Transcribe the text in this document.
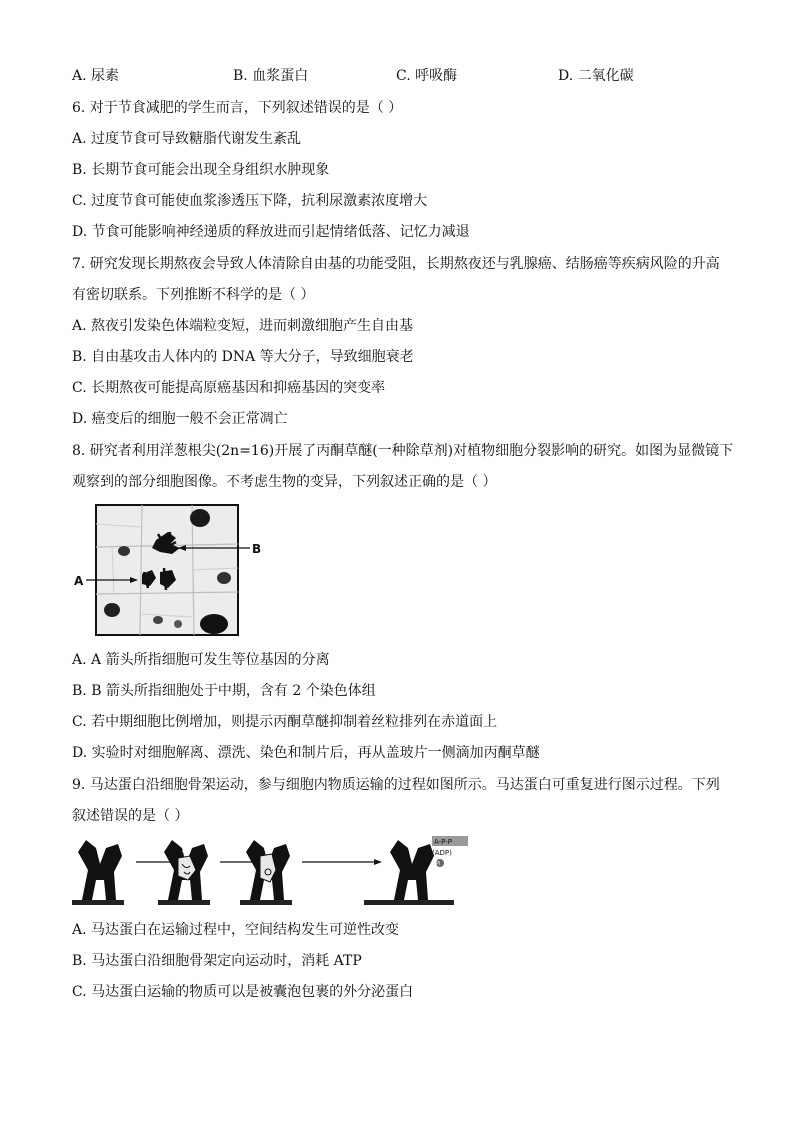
A. 尿素	B. 血浆蛋白	C. 呼吸酶	D. 二氧化碳
6. 对于节食减肥的学生而言，下列叙述错误的是（ ）
A. 过度节食可导致糖脂代谢发生紊乱
B. 长期节食可能会出现全身组织水肿现象
C. 过度节食可能使血浆渗透压下降，抗利尿激素浓度增大
D. 节食可能影响神经递质的释放进而引起情绪低落、记忆力减退
7. 研究发现长期熬夜会导致人体清除自由基的功能受阻，长期熬夜还与乳腺癌、结肠癌等疾病风险的升高
有密切联系。下列推断不科学的是（ ）
A. 熬夜引发染色体端粒变短，进而刺激细胞产生自由基
B. 自由基攻击人体内的 DNA 等大分子，导致细胞衰老
C. 长期熬夜可能提高原癌基因和抑癌基因的突变率
D. 癌变后的细胞一般不会正常凋亡
8. 研究者利用洋葱根尖(2n=16)开展了丙酮草醚(一种除草剂)对植物细胞分裂影响的研究。如图为显微镜下
观察到的部分细胞图像。不考虑生物的变异，下列叙述正确的是（ ）
B
A
A. A 箭头所指细胞可发生等位基因的分离
B. B 箭头所指细胞处于中期，含有 2 个染色体组
C. 若中期细胞比例增加，则提示丙酮草醚抑制着丝粒排列在赤道面上
D. 实验时对细胞解离、漂洗、染色和制片后，再从盖玻片一侧滴加丙酮草醚
9. 马达蛋白沿细胞骨架运动，参与细胞内物质运输的过程如图所示。马达蛋白可重复进行图示过程。下列
叙述错误的是（ ）
A	A
A-P-P
(ADP)
Pi
A. 马达蛋白在运输过程中，空间结构发生可逆性改变
B. 马达蛋白沿细胞骨架定向运动时，消耗 ATP
C. 马达蛋白运输的物质可以是被囊泡包裹的外分泌蛋白
